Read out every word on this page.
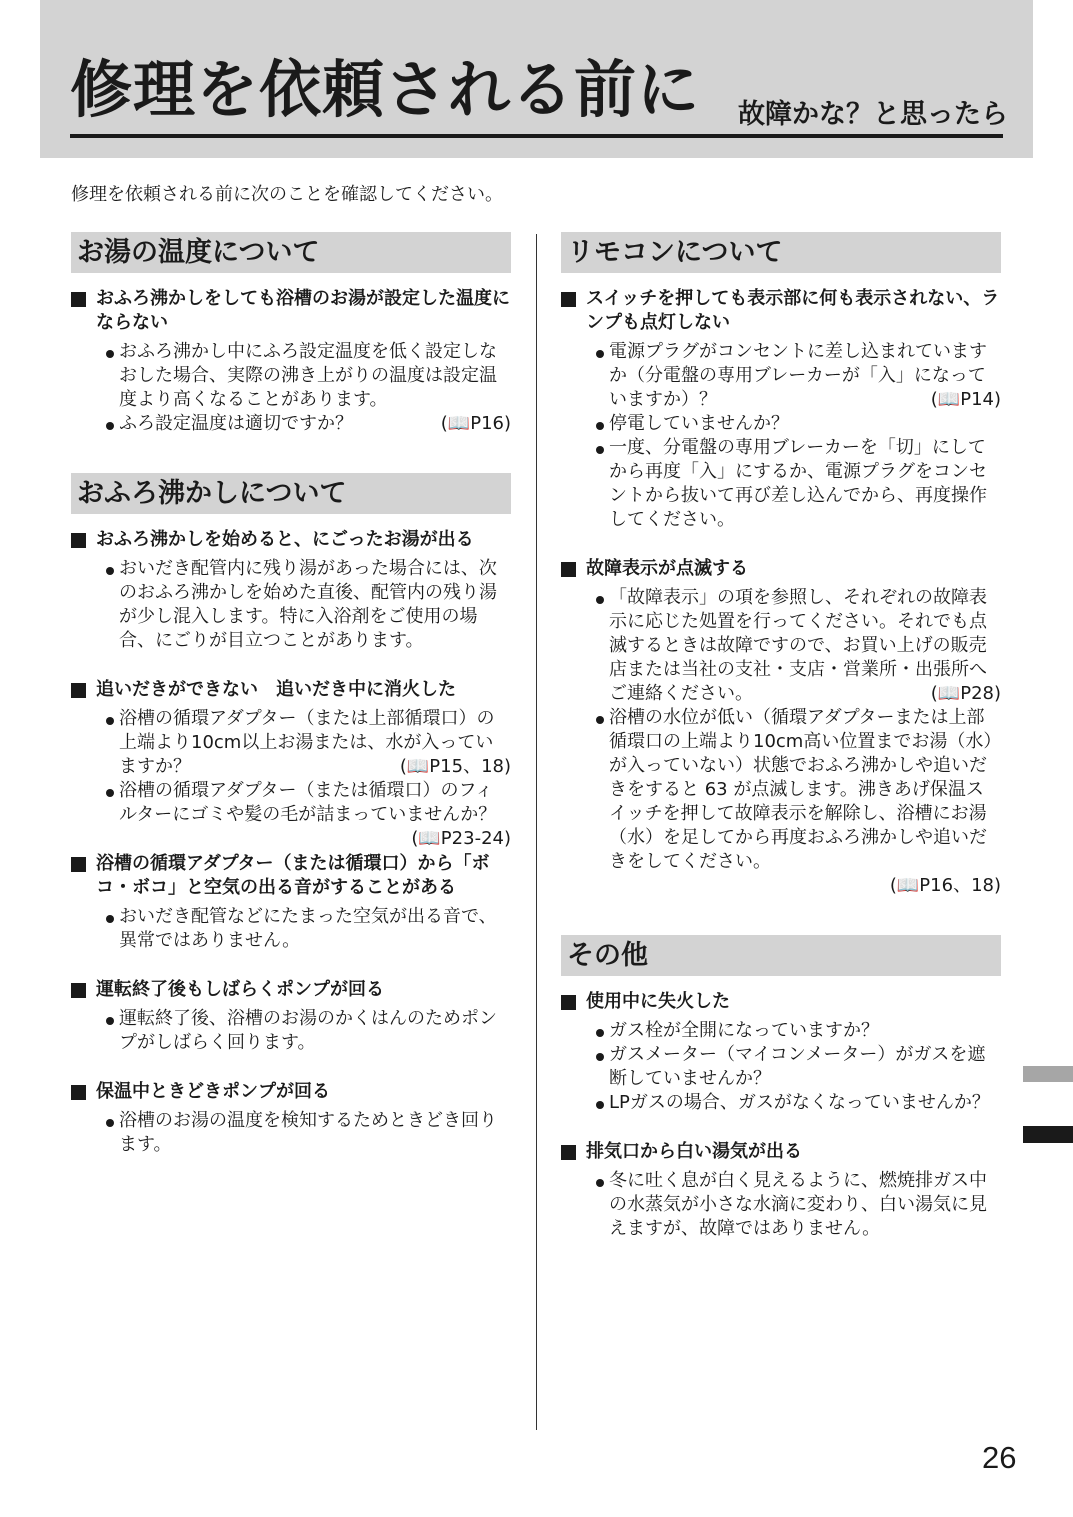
修理を依頼される前に 故障かな？と思ったら
修理を依頼される前に次のことを確認してください。
お湯の温度について
おふろ沸かしをしても浴槽のお湯が設定した温度にならない
おふろ沸かし中にふろ設定温度を低く設定しなおした場合、実際の沸き上がりの温度は設定温度より高くなることがあります。
ふろ設定温度は適切ですか？	(📖P16)
おふろ沸かしについて
おふろ沸かしを始めると、にごったお湯が出る
おいだき配管内に残り湯があった場合には、次のおふろ沸かしを始めた直後、配管内の残り湯が少し混入します。特に入浴剤をご使用の場合、にごりが目立つことがあります。
追いだきができない　追いだき中に消火した
浴槽の循環アダプター（または上部循環口）の上端より10cm以上お湯または、水が入っていますか？	(📖P15、18)
浴槽の循環アダプター（または循環口）のフィルターにゴミや髪の毛が詰まっていませんか？
(📖P23-24)
浴槽の循環アダプター（または循環口）から「ボコ・ボコ」と空気の出る音がすることがある
おいだき配管などにたまった空気が出る音で、異常ではありません。
運転終了後もしばらくポンプが回る
運転終了後、浴槽のお湯のかくはんのためポンプがしばらく回ります。
保温中ときどきポンプが回る
浴槽のお湯の温度を検知するためときどき回ります。
リモコンについて
スイッチを押しても表示部に何も表示されない、ランプも点灯しない
電源プラグがコンセントに差し込まれていますか（分電盤の専用ブレーカーが「入」になっていますか）？	(📖P14)
停電していませんか？
一度、分電盤の専用ブレーカーを「切」にしてから再度「入」にするか、電源プラグをコンセントから抜いて再び差し込んでから、再度操作してください。
故障表示が点滅する
「故障表示」の項を参照し、それぞれの故障表示に応じた処置を行ってください。それでも点滅するときは故障ですので、お買い上げの販売店または当社の支社・支店・営業所・出張所へご連絡ください。	(📖P28)
浴槽の水位が低い（循環アダプターまたは上部循環口の上端より10cm高い位置までお湯（水）が入っていない）状態でおふろ沸かしや追いだきをすると 63 が点滅します。沸きあげ保温スイッチを押して故障表示を解除し、浴槽にお湯（水）を足してから再度おふろ沸かしや追いだきをしてください。
(📖P16、18)
その他
使用中に失火した
ガス栓が全開になっていますか？
ガスメーター（マイコンメーター）がガスを遮断していませんか？
LPガスの場合、ガスがなくなっていませんか？
排気口から白い湯気が出る
冬に吐く息が白く見えるように、燃焼排ガス中の水蒸気が小さな水滴に変わり、白い湯気に見えますが、故障ではありません。
26
